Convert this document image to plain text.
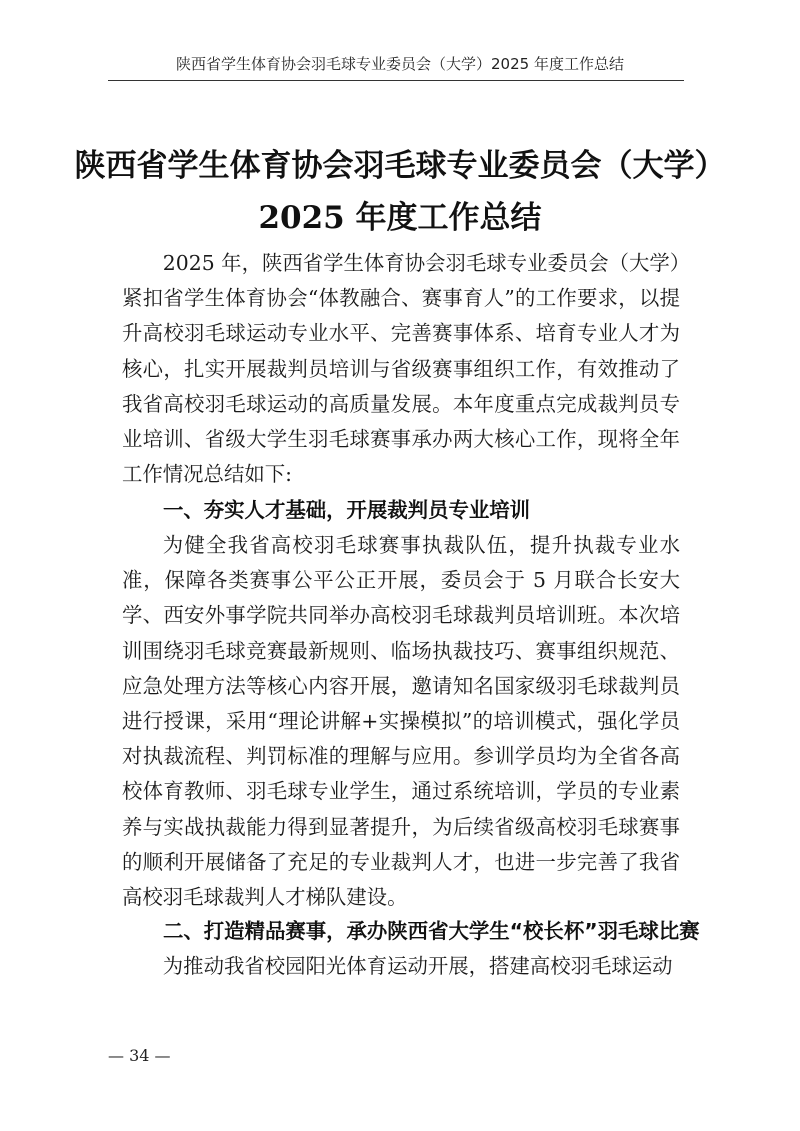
陕西省学生体育协会羽毛球专业委员会（大学）2025 年度工作总结
陕西省学生体育协会羽毛球专业委员会（大学）
2025 年度工作总结
2025 年，陕西省学生体育协会羽毛球专业委员会（大学）紧扣省学生体育协会“体教融合、赛事育人”的工作要求，以提升高校羽毛球运动专业水平、完善赛事体系、培育专业人才为核心，扎实开展裁判员培训与省级赛事组织工作，有效推动了我省高校羽毛球运动的高质量发展。本年度重点完成裁判员专业培训、省级大学生羽毛球赛事承办两大核心工作，现将全年工作情况总结如下:
一、夯实人才基础，开展裁判员专业培训
为健全我省高校羽毛球赛事执裁队伍，提升执裁专业水准，保障各类赛事公平公正开展，委员会于 5 月联合长安大学、西安外事学院共同举办高校羽毛球裁判员培训班。本次培训围绕羽毛球竞赛最新规则、临场执裁技巧、赛事组织规范、应急处理方法等核心内容开展，邀请知名国家级羽毛球裁判员进行授课，采用“理论讲解+实操模拟”的培训模式，强化学员对执裁流程、判罚标准的理解与应用。参训学员均为全省各高校体育教师、羽毛球专业学生，通过系统培训，学员的专业素养与实战执裁能力得到显著提升，为后续省级高校羽毛球赛事的顺利开展储备了充足的专业裁判人才，也进一步完善了我省高校羽毛球裁判人才梯队建设。
二、打造精品赛事，承办陕西省大学生“校长杯”羽毛球比赛
为推动我省校园阳光体育运动开展，搭建高校羽毛球运动
— 34 —
